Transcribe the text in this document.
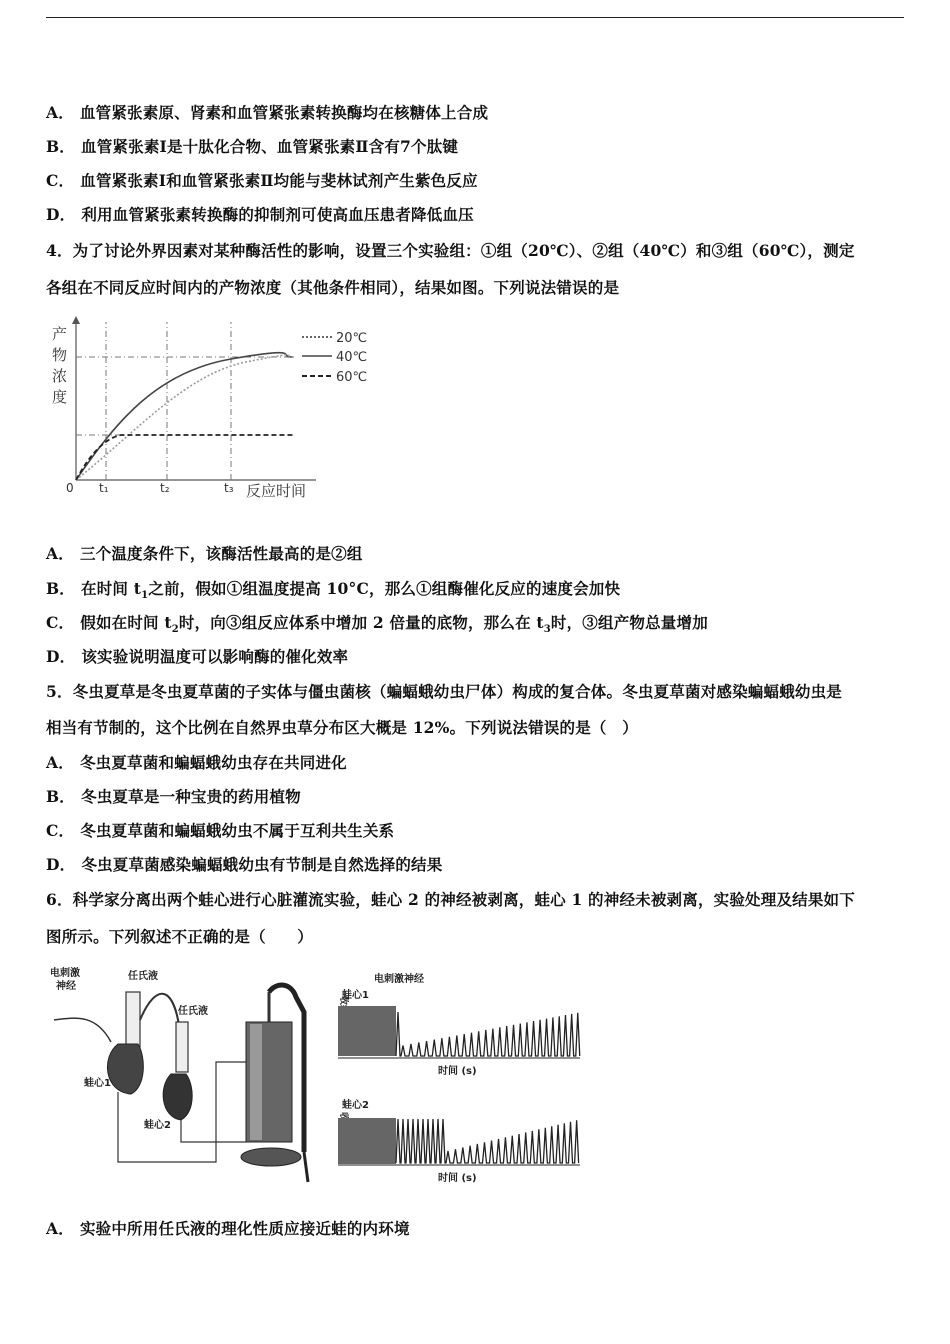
A． 血管紧张素原、肾素和血管紧张素转换酶均在核糖体上合成
B． 血管紧张素Ⅰ是十肽化合物、血管紧张素Ⅱ含有7个肽键
C． 血管紧张素Ⅰ和血管紧张素Ⅱ均能与斐林试剂产生紫色反应
D． 利用血管紧张素转换酶的抑制剂可使高血压患者降低血压
4．为了讨论外界因素对某种酶活性的影响，设置三个实验组：①组（20℃）、②组（40℃）和③组（60℃），测定
各组在不同反应时间内的产物浓度（其他条件相同），结果如图。下列说法错误的是
产
物
浓
度
0 t₁	t₂	t₃ 反应时间
20℃
40℃
60℃
A． 三个温度条件下，该酶活性最高的是②组
B． 在时间 $t_1$之前，假如①组温度提高 10°C，那么①组酶催化反应的速度会加快
C． 假如在时间 $t_2$时，向③组反应体系中增加 2 倍量的底物，那么在 $t_3$时，③组产物总量增加
D． 该实验说明温度可以影响酶的催化效率
5．冬虫夏草是冬虫夏草菌的子实体与僵虫菌核（蝙蝠蛾幼虫尸体）构成的复合体。冬虫夏草菌对感染蝙蝠蛾幼虫是
相当有节制的，这个比例在自然界虫草分布区大概是 12%。下列说法错误的是（　）
A． 冬虫夏草菌和蝙蝠蛾幼虫存在共同进化
B． 冬虫夏草是一种宝贵的药用植物
C． 冬虫夏草菌和蝙蝠蛾幼虫不属于互利共生关系
D． 冬虫夏草菌感染蝙蝠蛾幼虫有节制是自然选择的结果
6．科学家分离出两个蛙心进行心脏灌流实验，蛙心 2 的神经被剥离，蛙心 1 的神经未被剥离，实验处理及结果如下
图所示。下列叙述不正确的是（　　）
电刺激
神经
任氏液
任氏液
蛙心1
蛙心2
电刺激神经
蛙心1
时间 (s)
蛙心2
时间 (s)
A． 实验中所用任氏液的理化性质应接近蛙的内环境
